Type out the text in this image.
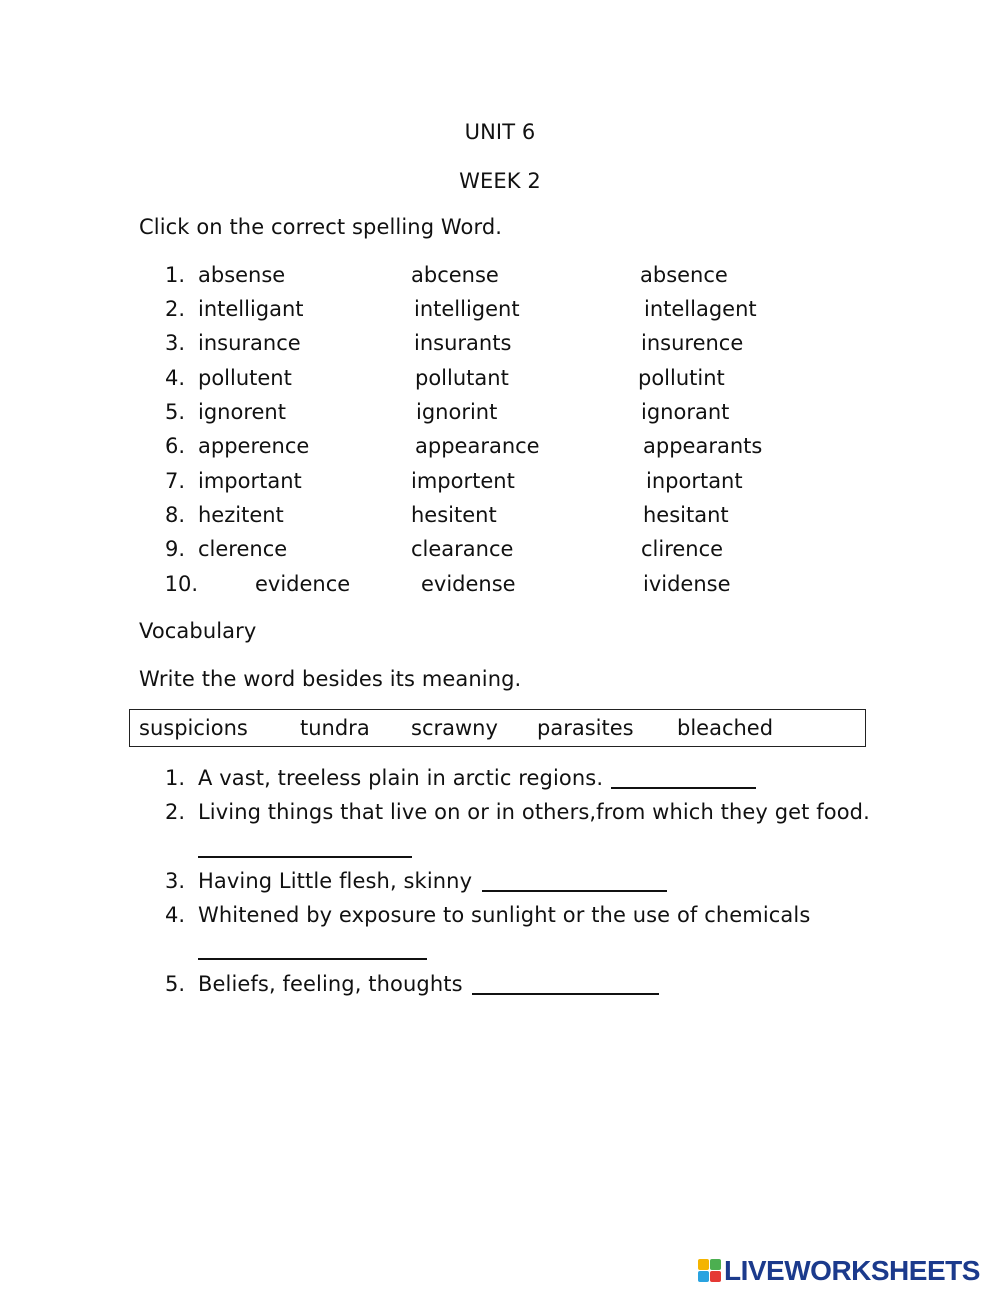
UNIT 6
WEEK 2
Click on the correct spelling Word.
1. absense	abcense	absence
2. intelligant	intelligent	intellagent
3. insurance	insurants	insurence
4. pollutent	pollutant	pollutint
5. ignorent	ignorint	ignorant
6. apperence	appearance	appearants
7. important	importent	inportant
8. hezitent	hesitent	hesitant
9. clerence	clearance	clirence
10.	evidence	evidense	ividense
Vocabulary
Write the word besides its meaning.
suspicions tundra scrawny parasites bleached
1. A vast, treeless plain in arctic regions.
2. Living things that live on or in others,from which they get food.
3. Having Little flesh, skinny
4. Whitened by exposure to sunlight or the use of chemicals
5. Beliefs, feeling, thoughts
LIVEWORKSHEETS
